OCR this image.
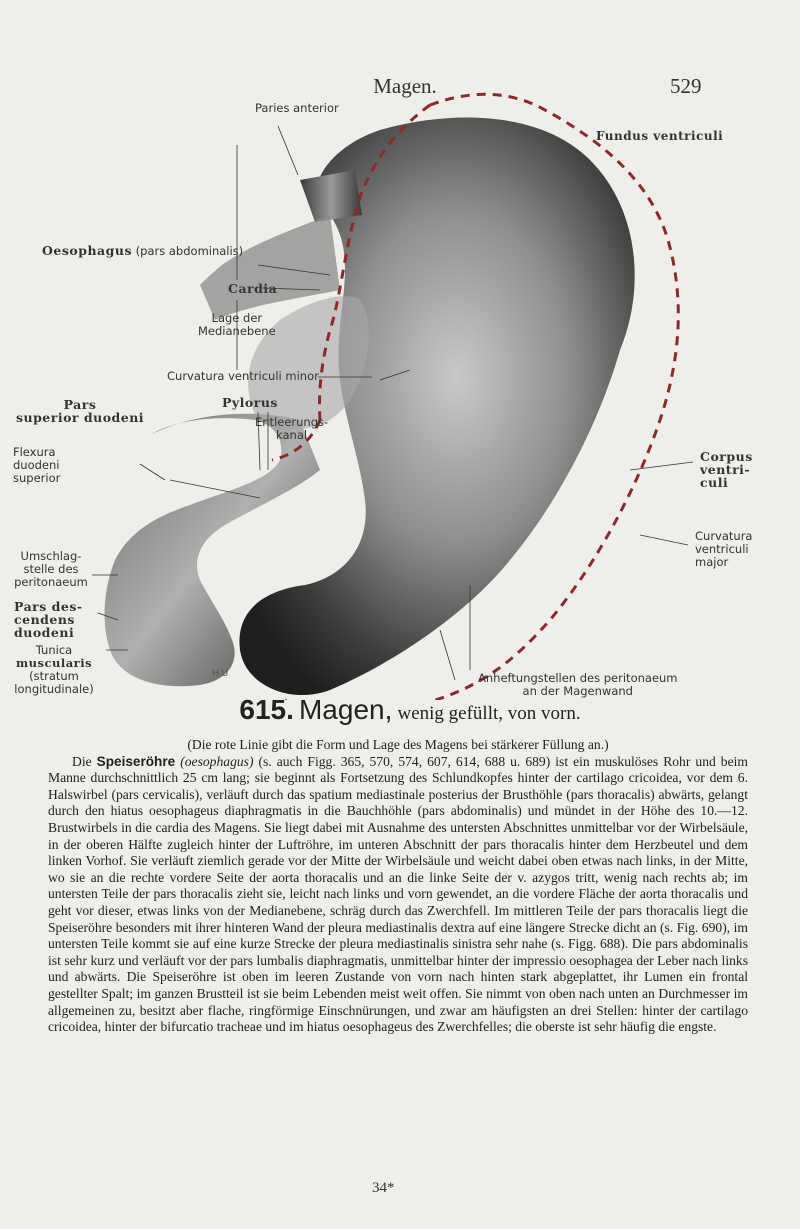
Magen.	529
Paries anterior
Fundus ventriculi
Oesophagus (pars abdominalis)
Cardia
Lage der
Medianebene
Curvatura ventriculi minor
Pars
superior duodeni
Pylorus
Entleerungs-
kanal
Flexura
duodeni
superior
Corpus
ventri-
culi
Curvatura
ventriculi
major
Umschlag-
stelle des
peritonaeum
Pars des-
cendens
duodeni
Tunica
muscularis
(stratum
longitudinale)
H U	Anheftungstellen des peritonaeum
an der Magenwand
615. Magen, wenig gefüllt, von vorn.

(Die rote Linie gibt die Form und Lage des Magens bei stärkerer Füllung an.)

Die Speiseröhre (oesophagus) (s. auch Figg. 365, 570, 574, 607, 614, 688 u. 689) ist ein muskulöses Rohr und beim Manne durchschnittlich 25 cm lang; sie beginnt als Fortsetzung des Schlundkopfes hinter der cartilago cricoidea, vor dem 6. Halswirbel (pars cervicalis), verläuft durch das spatium mediastinale posterius der Brusthöhle (pars thoracalis) abwärts, gelangt durch den hiatus oesophageus diaphragmatis in die Bauchhöhle (pars abdominalis) und mündet in der Höhe des 10.—12. Brustwirbels in die cardia des Magens. Sie liegt dabei mit Ausnahme des untersten Abschnittes unmittelbar vor der Wirbelsäule, in der oberen Hälfte zugleich hinter der Luftröhre, im unteren Abschnitt der pars thoracalis hinter dem Herzbeutel und dem linken Vorhof. Sie verläuft ziemlich gerade vor der Mitte der Wirbelsäule und weicht dabei oben etwas nach links, in der Mitte, wo sie an die rechte vordere Seite der aorta thoracalis und an die linke Seite der v. azygos tritt, wenig nach rechts ab; im untersten Teile der pars thoracalis zieht sie, leicht nach links und vorn gewendet, an die vordere Fläche der aorta thoracalis und geht vor dieser, etwas links von der Medianebene, schräg durch das Zwerchfell. Im mittleren Teile der pars thoracalis liegt die Speiseröhre besonders mit ihrer hinteren Wand der pleura mediastinalis dextra auf eine längere Strecke dicht an (s. Fig. 690), im untersten Teile kommt sie auf eine kurze Strecke der pleura mediastinalis sinistra sehr nahe (s. Figg. 688). Die pars abdominalis ist sehr kurz und verläuft vor der pars lumbalis diaphragmatis, unmittelbar hinter der impressio oesophagea der Leber nach links und abwärts. Die Speiseröhre ist oben im leeren Zustande von vorn nach hinten stark abgeplattet, ihr Lumen ein frontal gestellter Spalt; im ganzen Brustteil ist sie beim Lebenden meist weit offen. Sie nimmt von oben nach unten an Durchmesser im allgemeinen zu, besitzt aber flache, ringförmige Einschnürungen, und zwar am häufigsten an drei Stellen: hinter der cartilago cricoidea, hinter der bifurcatio tracheae und im hiatus oesophageus des Zwerchfelles; die oberste ist sehr häufig die engste.

34*
